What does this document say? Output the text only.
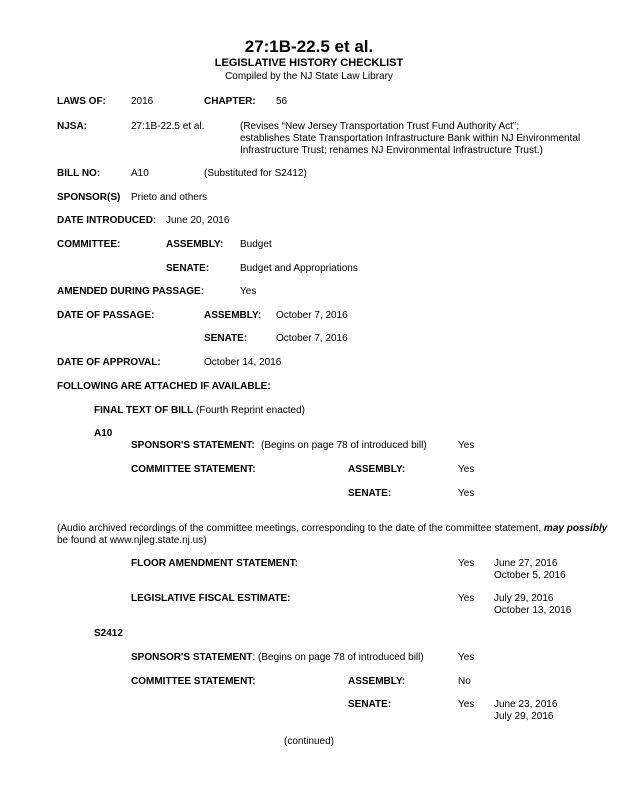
27:1B-22.5 et al.
LEGISLATIVE HISTORY CHECKLIST
Compiled by the NJ State Law Library
LAWS OF:	2016	CHAPTER: 56
NJSA:	27:1B-22.5 et al.	(Revises “New Jersey Transportation Trust Fund Authority Act”;
establishes State Transportation Infrastructure Bank within NJ Environmental
Infrastructure Trust; renames NJ Environmental Infrastructure Trust.)
BILL NO:	A10	(Substituted for S2412)
SPONSOR(S) Prieto and others
DATE INTRODUCED: June 20, 2016
COMMITTEE:	ASSEMBLY: Budget
SENATE:	Budget and Appropriations
AMENDED DURING PASSAGE:	Yes
DATE OF PASSAGE:	ASSEMBLY: October 7, 2016
SENATE:	October 7, 2016
DATE OF APPROVAL:	October 14, 2016
FOLLOWING ARE ATTACHED IF AVAILABLE:
FINAL TEXT OF BILL (Fourth Reprint enacted)
A10
SPONSOR'S STATEMENT: (Begins on page 78 of introduced bill)	Yes
COMMITTEE STATEMENT:	ASSEMBLY:	Yes
SENATE:	Yes
(Audio archived recordings of the committee meetings, corresponding to the date of the committee statement, may possibly
be found at www.njleg.state.nj.us)
FLOOR AMENDMENT STATEMENT:	Yes June 27, 2016
October 5, 2016
LEGISLATIVE FISCAL ESTIMATE:	Yes July 29, 2016
October 13, 2016
S2412
SPONSOR'S STATEMENT: (Begins on page 78 of introduced bill)	Yes
COMMITTEE STATEMENT:	ASSEMBLY:	No
SENATE:	Yes June 23, 2016
July 29, 2016
(continued)
